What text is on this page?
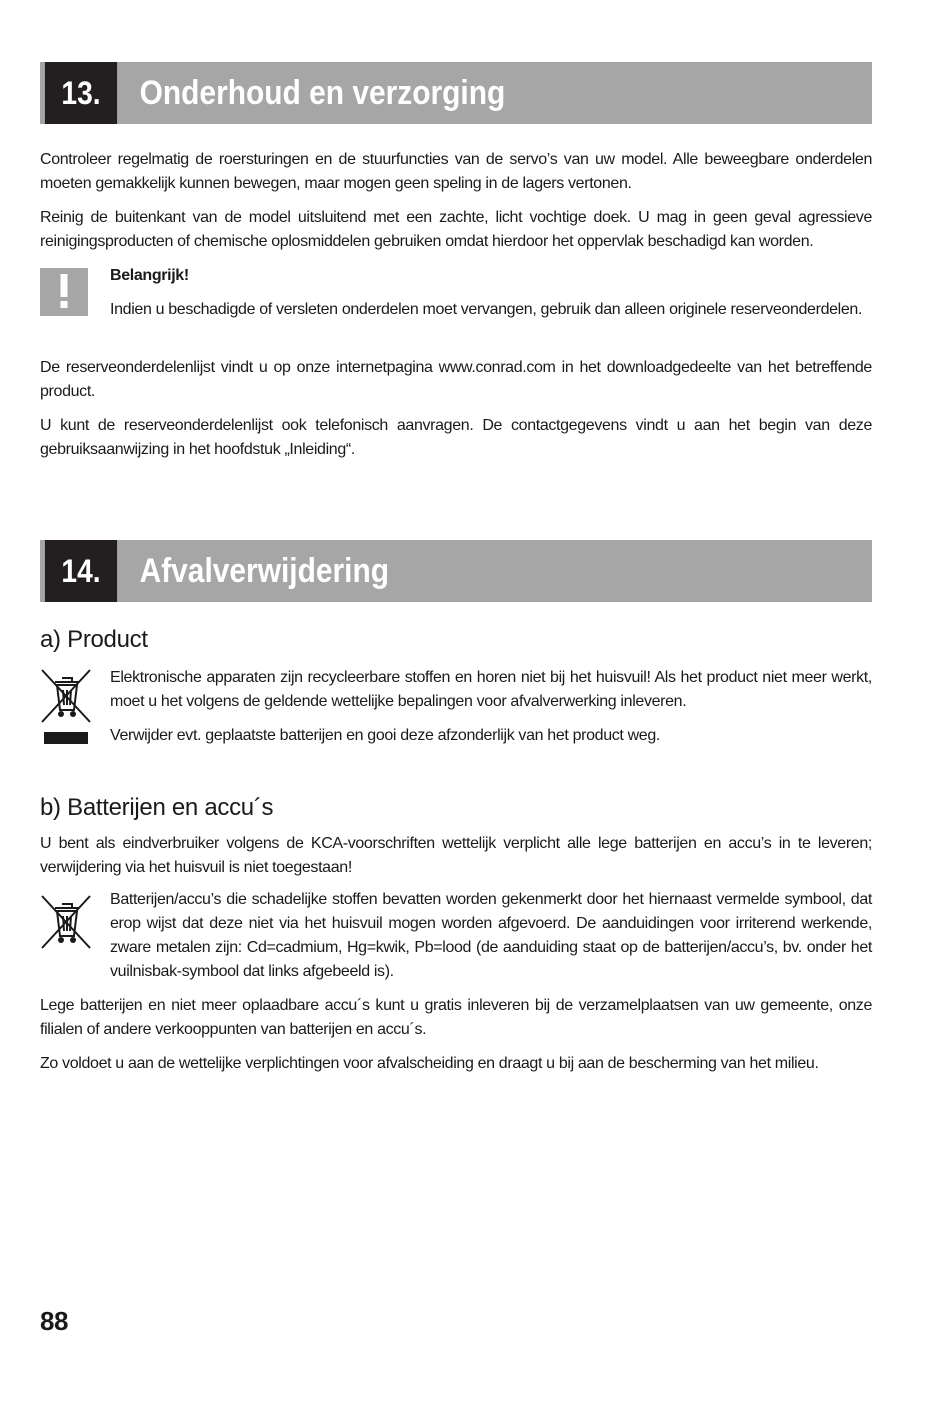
13.	Onderhoud en verzorging

Controleer regelmatig de roersturingen en de stuurfuncties van de servo’s van uw model. Alle beweegbare onderdelen moeten gemakkelijk kunnen bewegen, maar mogen geen speling in de lagers vertonen.

Reinig de buitenkant van de model uitsluitend met een zachte, licht vochtige doek. U mag in geen geval agressieve reinigingsproducten of chemische oplosmiddelen gebruiken omdat hierdoor het oppervlak beschadigd kan worden.

Belangrijk!

Indien u beschadigde of versleten onderdelen moet vervangen, gebruik dan alleen originele reserveonderdelen.

De reserveonderdelenlijst vindt u op onze internetpagina www.conrad.com in het downloadgedeelte van het betreffende product.

U kunt de reserveonderdelenlijst ook telefonisch aanvragen. De contactgegevens vindt u aan het begin van deze gebruiksaanwijzing in het hoofdstuk „Inleiding“.

14.	Afvalverwijdering
a) Product

Elektronische apparaten zijn recycleerbare stoffen en horen niet bij het huisvuil! Als het product niet meer werkt, moet u het volgens de geldende wettelijke bepalingen voor afvalverwerking inleveren.

Verwijder evt. geplaatste batterijen en gooi deze afzonderlijk van het product weg.

b) Batterijen en accu´s

U bent als eindverbruiker volgens de KCA-voorschriften wettelijk verplicht alle lege batterijen en accu’s in te leveren; verwijdering via het huisvuil is niet toegestaan!

Batterijen/accu’s die schadelijke stoffen bevatten worden gekenmerkt door het hiernaast vermelde symbool, dat erop wijst dat deze niet via het huisvuil mogen worden afgevoerd. De aanduidingen voor irriterend werkende, zware metalen zijn: Cd=cadmium, Hg=kwik, Pb=lood (de aanduiding staat op de batterijen/accu’s, bv. onder het vuilnisbak-symbool dat links afgebeeld is).

Lege batterijen en niet meer oplaadbare accu´s kunt u gratis inleveren bij de verzamelplaatsen van uw gemeente, onze filialen of andere verkooppunten van batterijen en accu´s.

Zo voldoet u aan de wettelijke verplichtingen voor afvalscheiding en draagt u bij aan de bescherming van het milieu.

88
